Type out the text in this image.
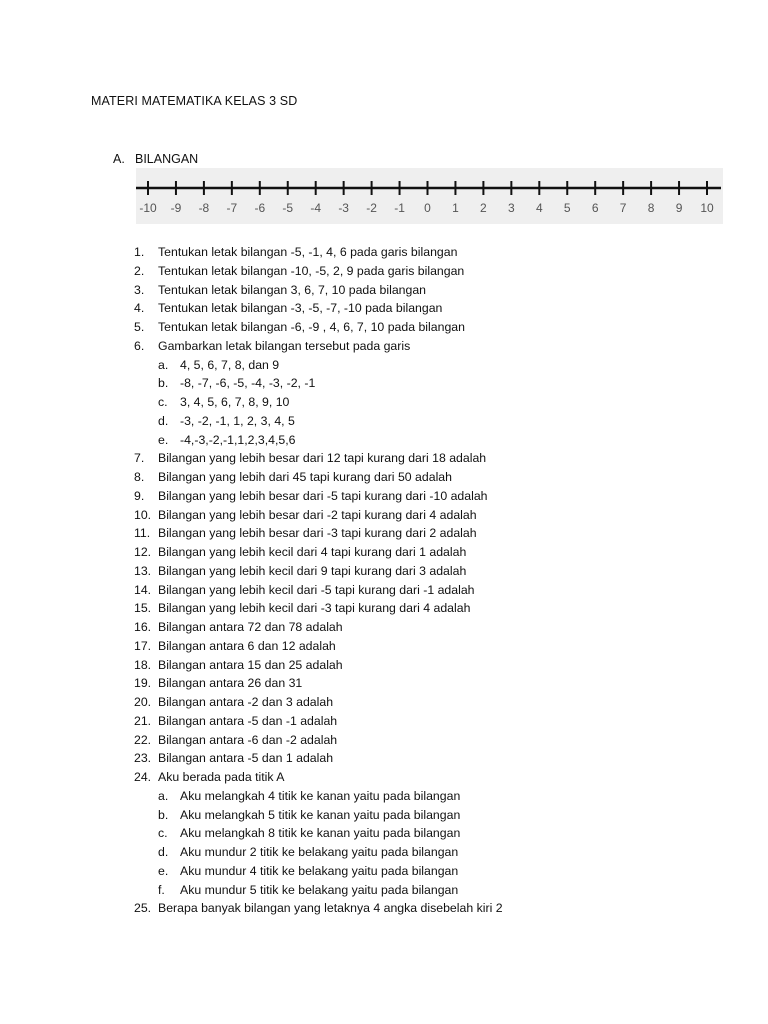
MATERI MATEMATIKA KELAS 3 SD
A. BILANGAN
-10 -9 -8 -7 -6 -5 -4 -3 -2 -1 0 1 2 3 4 5 6 7 8 9 10
1. Tentukan letak bilangan -5, -1, 4, 6 pada garis bilangan
2. Tentukan letak bilangan -10, -5, 2, 9 pada garis bilangan
3. Tentukan letak bilangan 3, 6, 7, 10 pada bilangan
4. Tentukan letak bilangan -3, -5, -7, -10 pada bilangan
5. Tentukan letak bilangan -6, -9 , 4, 6, 7, 10 pada bilangan
6. Gambarkan letak bilangan tersebut pada garis
a. 4, 5, 6, 7, 8, dan 9
b. -8, -7, -6, -5, -4, -3, -2, -1
c. 3, 4, 5, 6, 7, 8, 9, 10
d. -3, -2, -1, 1, 2, 3, 4, 5
e. -4,-3,-2,-1,1,2,3,4,5,6
7. Bilangan yang lebih besar dari 12 tapi kurang dari 18 adalah
8. Bilangan yang lebih dari 45 tapi kurang dari 50 adalah
9. Bilangan yang lebih besar dari -5 tapi kurang dari -10 adalah
10. Bilangan yang lebih besar dari -2 tapi kurang dari 4 adalah
11. Bilangan yang lebih besar dari -3 tapi kurang dari 2 adalah
12. Bilangan yang lebih kecil dari 4 tapi kurang dari 1 adalah
13. Bilangan yang lebih kecil dari 9 tapi kurang dari 3 adalah
14. Bilangan yang lebih kecil dari -5 tapi kurang dari -1 adalah
15. Bilangan yang lebih kecil dari -3 tapi kurang dari 4 adalah
16. Bilangan antara 72 dan 78 adalah
17. Bilangan antara 6 dan 12 adalah
18. Bilangan antara 15 dan 25 adalah
19. Bilangan antara 26 dan 31
20. Bilangan antara -2 dan 3 adalah
21. Bilangan antara -5 dan -1 adalah
22. Bilangan antara -6 dan -2 adalah
23. Bilangan antara -5 dan 1 adalah
24. Aku berada pada titik A
a. Aku melangkah 4 titik ke kanan yaitu pada bilangan
b. Aku melangkah 5 titik ke kanan yaitu pada bilangan
c. Aku melangkah 8 titik ke kanan yaitu pada bilangan
d. Aku mundur 2 titik ke belakang yaitu pada bilangan
e. Aku mundur 4 titik ke belakang yaitu pada bilangan
f. Aku mundur 5 titik ke belakang yaitu pada bilangan
25. Berapa banyak bilangan yang letaknya 4 angka disebelah kiri 2
